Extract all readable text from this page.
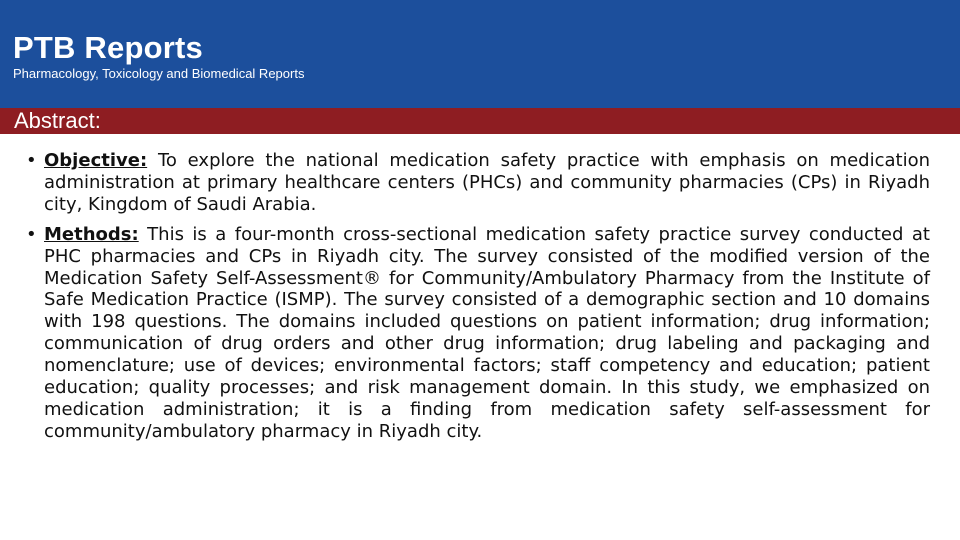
PTB Reports
Pharmacology, Toxicology and Biomedical Reports
Abstract:
• Objective: To explore the national medication safety practice with emphasis on medication administration at primary healthcare centers (PHCs) and community pharmacies (CPs) in Riyadh city, Kingdom of Saudi Arabia.
• Methods: This is a four-month cross-sectional medication safety practice survey conducted at PHC pharmacies and CPs in Riyadh city. The survey consisted of the modified version of the Medication Safety Self-Assessment® for Community/Ambulatory Pharmacy from the Institute of Safe Medication Practice (ISMP). The survey consisted of a demographic section and 10 domains with 198 questions. The domains included questions on patient information; drug information; communication of drug orders and other drug information; drug labeling and packaging and nomenclature; use of devices; environmental factors; staff competency and education; patient education; quality processes; and risk management domain. In this study, we emphasized on medication administration; it is a finding from medication safety self-assessment for community/ambulatory pharmacy in Riyadh city.
